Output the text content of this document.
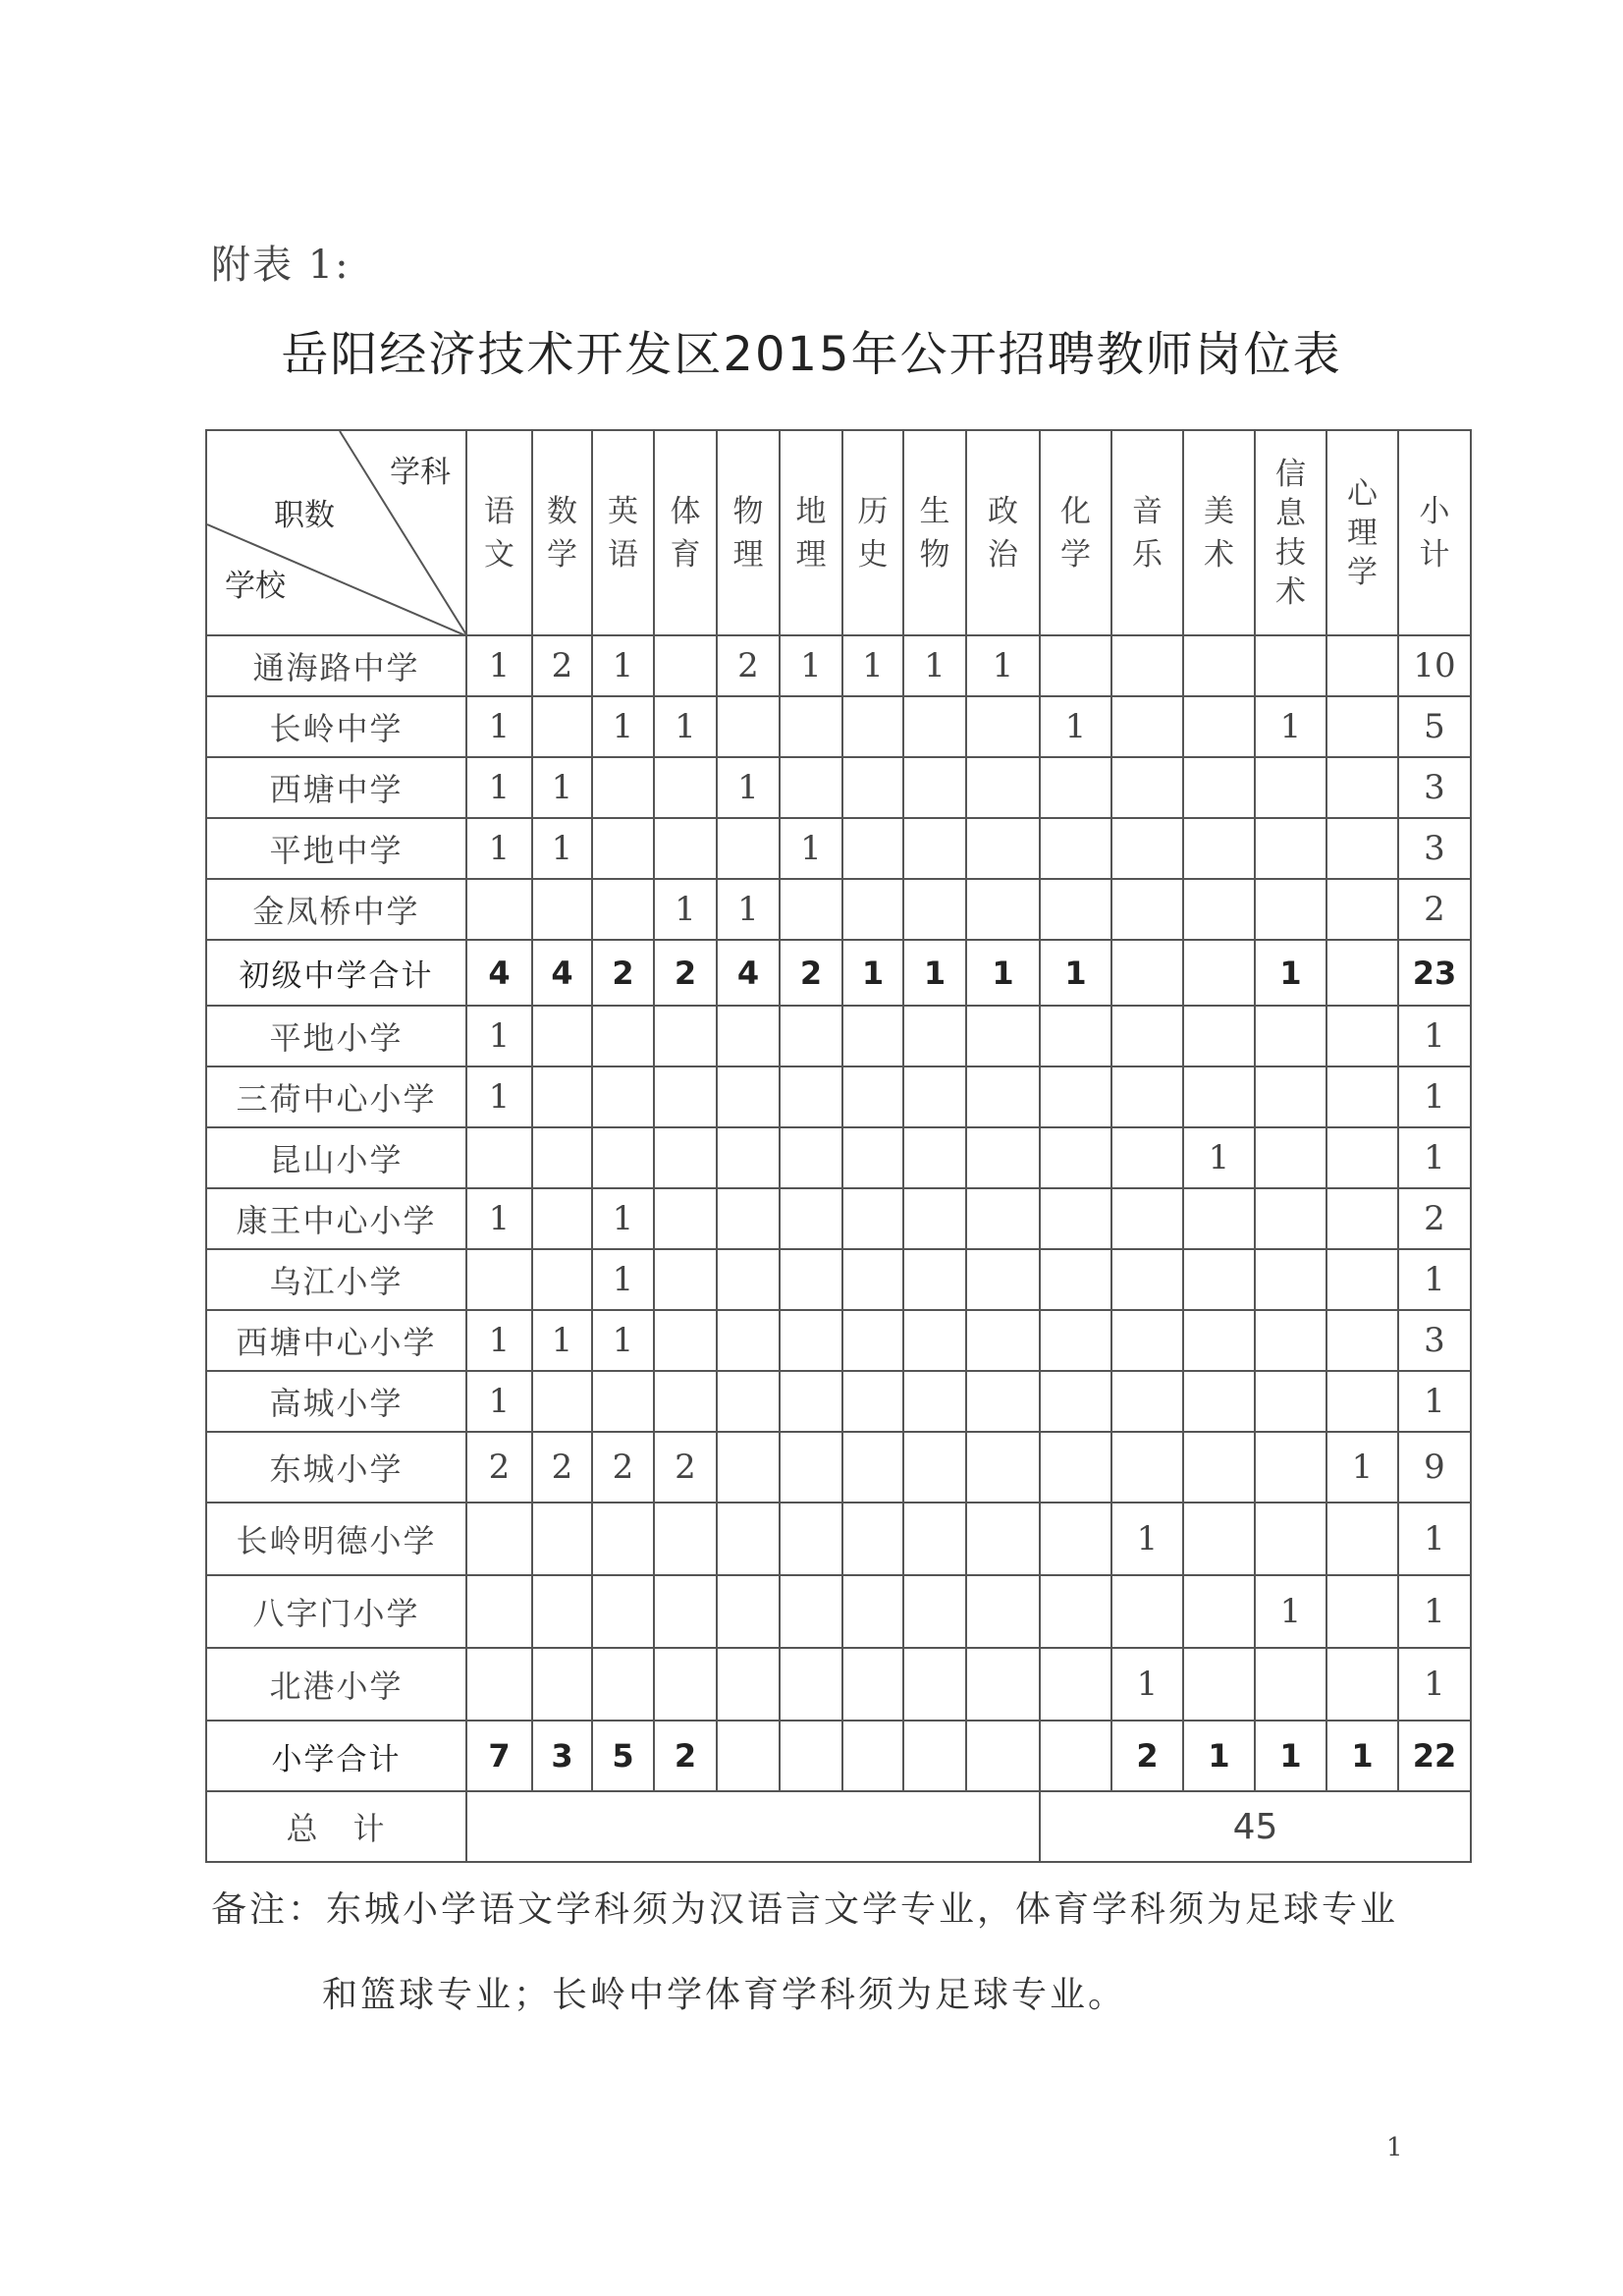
附表 1:
岳阳经济技术开发区2015年公开招聘教师岗位表
学科
职数
学校	语文	数学	英语	体育	物理	地理	历史	生物	政治	化学	音乐	美术	信息技术	心理学	小计

通海路中学	1	2	1		2	1	1	1	1						10
长岭中学	1		1	1						1			1		5
西塘中学	1	1			1										3
平地中学	1	1				1									3
金凤桥中学				1	1										2
初级中学合计	4	4	2	2	4	2	1	1	1	1			1		23
平地小学	1														1
三荷中心小学	1														1
昆山小学												1			1
康王中心小学	1		1												2
乌江小学			1												1
西塘中心小学	1	1	1												3
高城小学	1														1
东城小学	2	2	2	2										1	9
长岭明德小学											1				1
八字门小学													1		1
北港小学											1				1
小学合计	7	3	5	2							2	1	1	1	22
总　计										45					
备注：东城小学语文学科须为汉语言文学专业，体育学科须为足球专业
和篮球专业；长岭中学体育学科须为足球专业。
1
